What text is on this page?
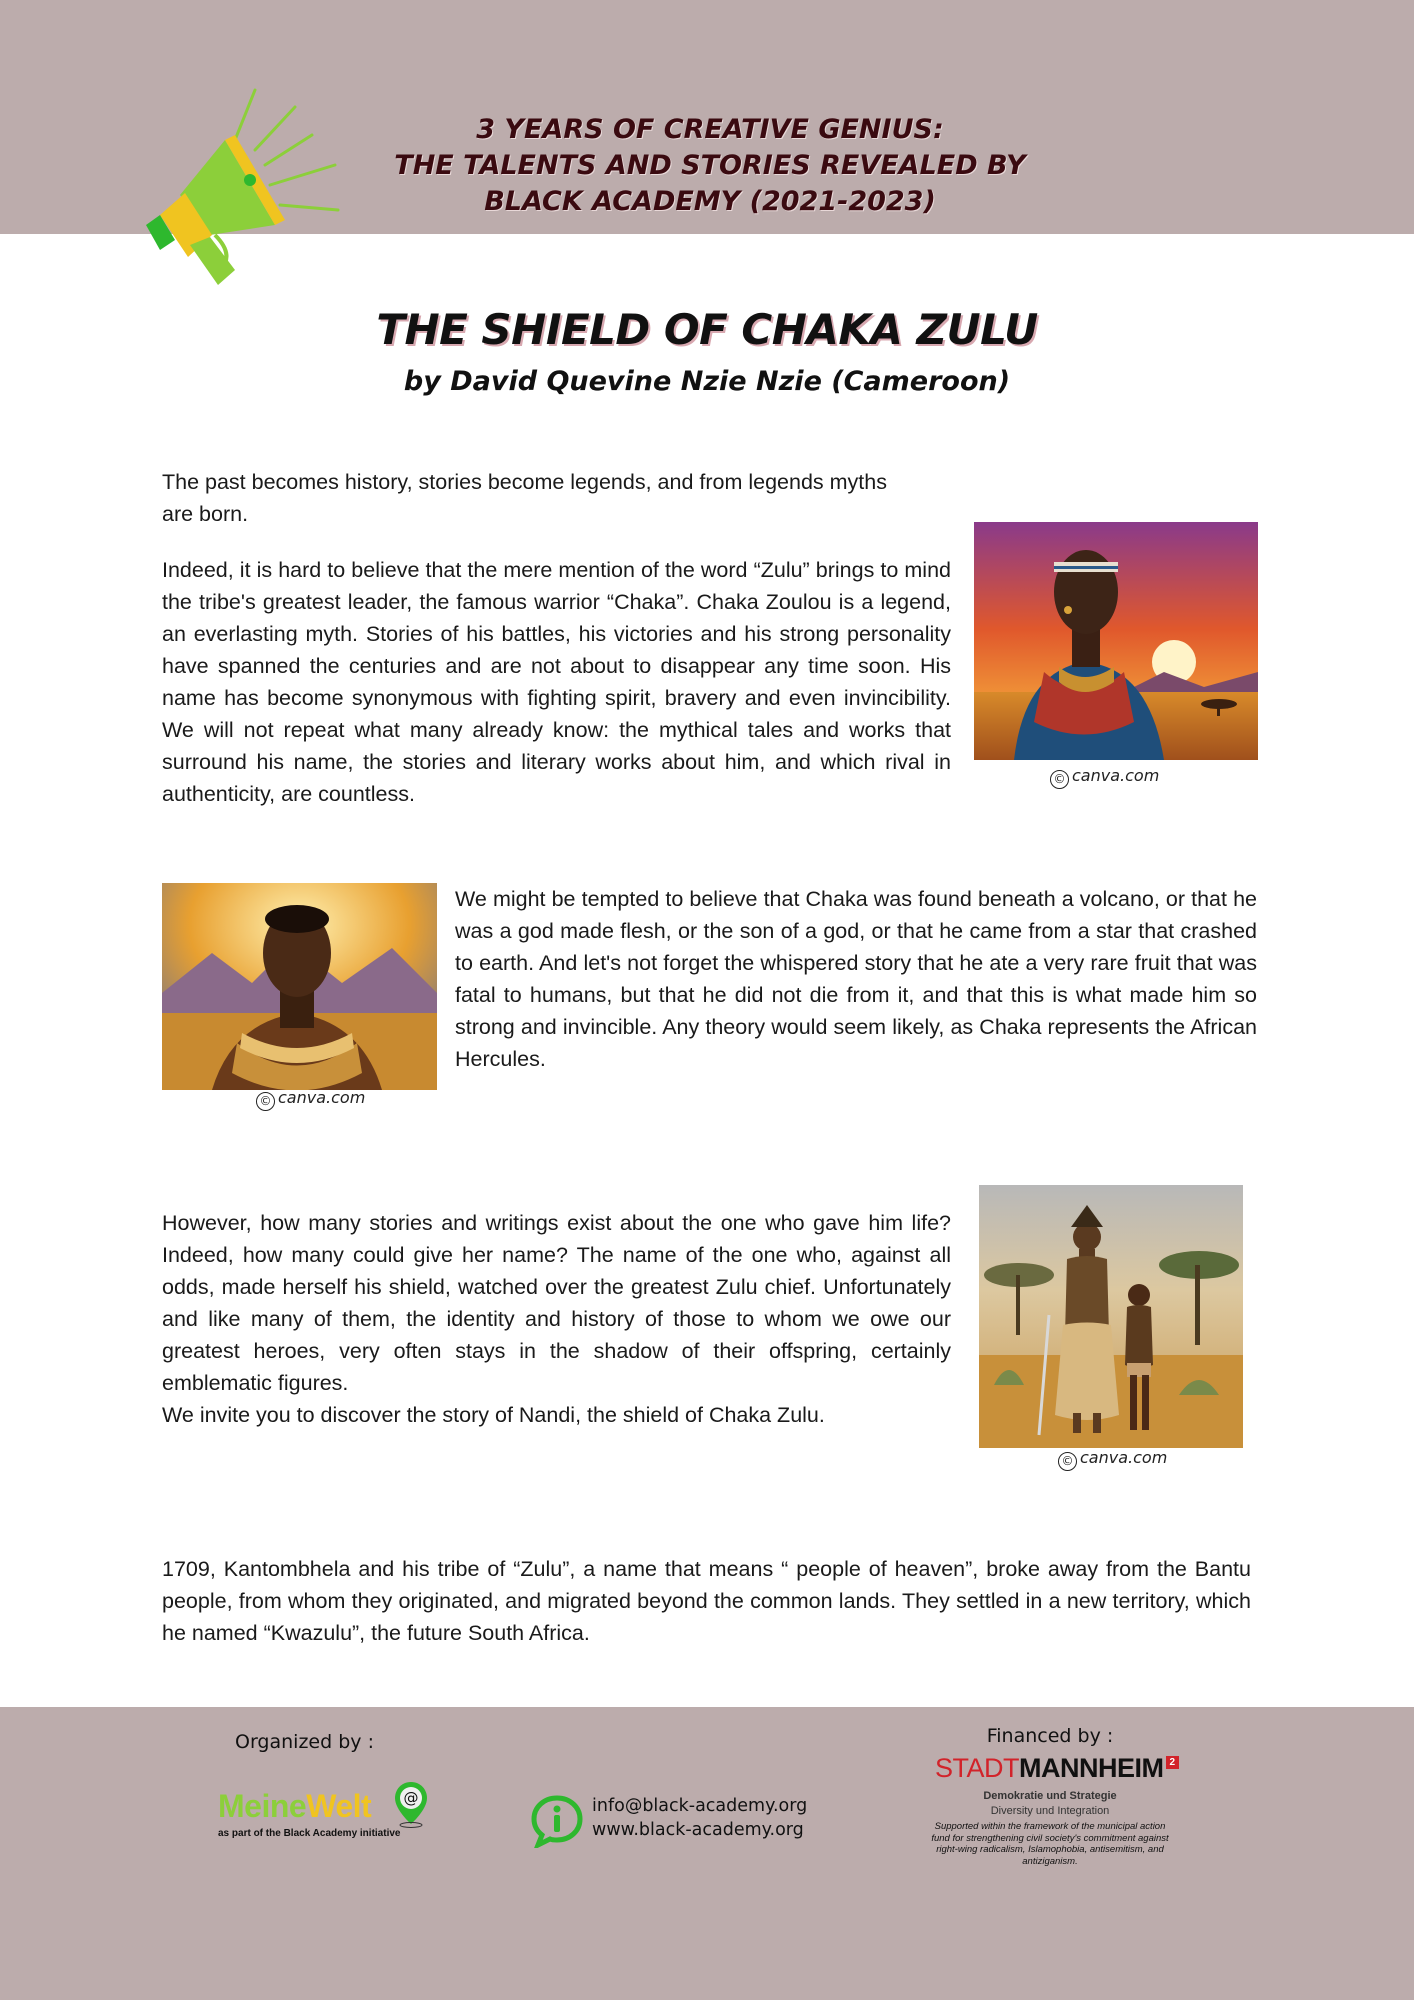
3 YEARS OF CREATIVE GENIUS:
THE TALENTS AND STORIES REVEALED BY
BLACK ACADEMY (2021-2023)
THE SHIELD OF CHAKA ZULU
by David Quevine Nzie Nzie (Cameroon)

The past becomes history, stories become legends, and from legends myths are born.

Indeed, it is hard to believe that the mere mention of the word “Zulu” brings to mind the tribe's greatest leader, the famous warrior “Chaka”. Chaka Zoulou is a legend, an everlasting myth. Stories of his battles, his victories and his strong personality have spanned the centuries and are not about to disappear any time soon. His name has become synonymous with fighting spirit, bravery and even invincibility. We will not repeat what many already know: the mythical tales and works that surround his name, the stories and literary works about him, and which rival in authenticity, are countless.

© canva.com
© canva.com

We might be tempted to believe that Chaka was found beneath a volcano, or that he was a god made flesh, or the son of a god, or that he came from a star that crashed to earth. And let's not forget the whispered story that he ate a very rare fruit that was fatal to humans, but that he did not die from it, and that this is what made him so strong and invincible. Any theory would seem likely, as Chaka represents the African Hercules.

However, how many stories and writings exist about the one who gave him life? Indeed, how many could give her name? The name of the one who, against all odds, made herself his shield, watched over the greatest Zulu chief. Unfortunately and like many of them, the identity and history of those to whom we owe our greatest heroes, very often stays in the shadow of their offspring, certainly emblematic figures.

We invite you to discover the story of Nandi, the shield of Chaka Zulu.

© canva.com

1709, Kantombhela and his tribe of “Zulu”, a name that means “ people of heaven”, broke away from the Bantu people, from whom they originated, and migrated beyond the common lands. They settled in a new territory, which he named “Kwazulu”, the future South Africa.

Organized by :
MeineWelt @
as part of the Black Academy initiative
info@black-academy.org
www.black-academy.org
Financed by :
STADTMANNHEIM 2
Demokratie und Strategie
Diversity und Integration
Supported within the framework of the municipal action fund for strengthening civil society's commitment against right-wing radicalism, Islamophobia, antisemitism, and antiziganism.
